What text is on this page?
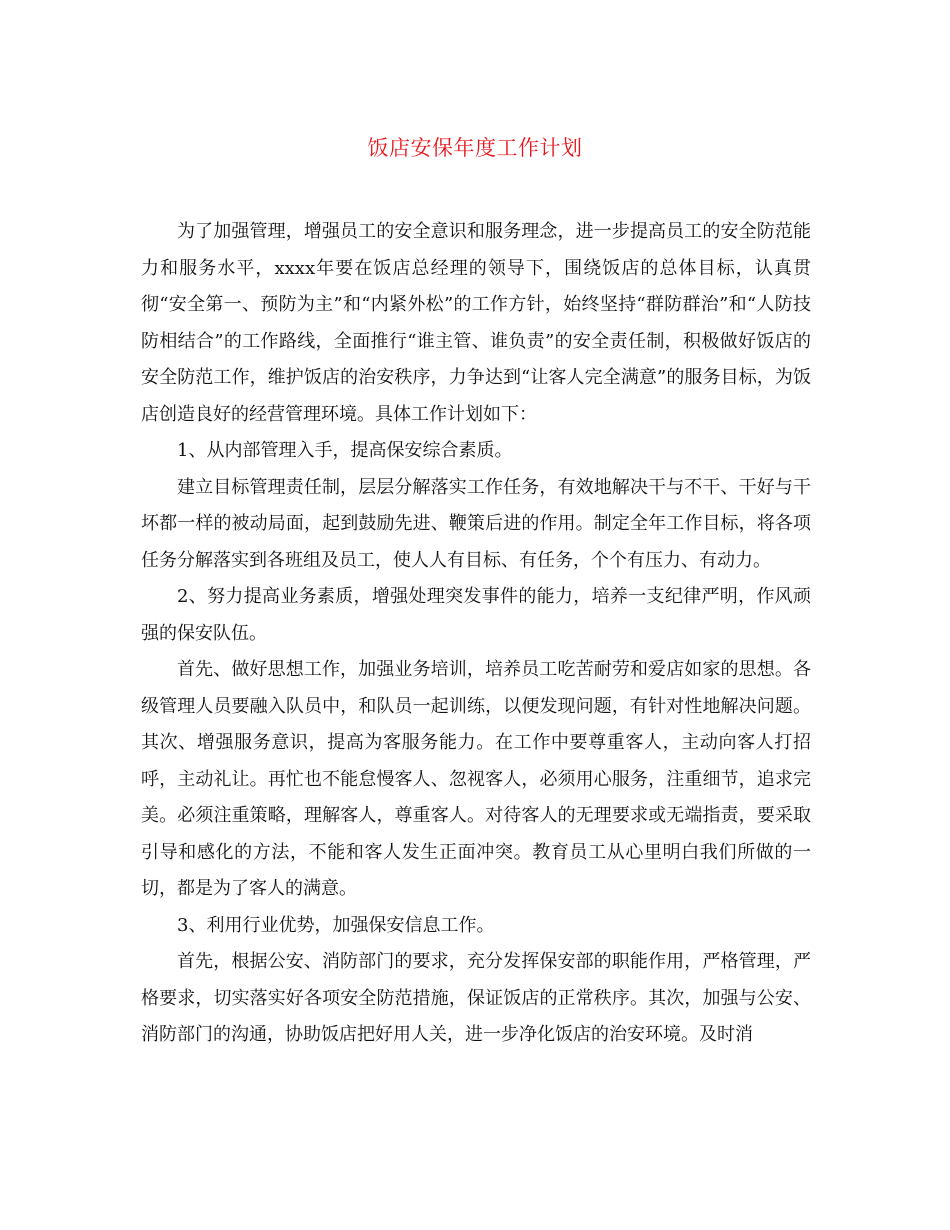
饭店安保年度工作计划

为了加强管理，增强员工的安全意识和服务理念，进一步提高员工的安全防范能力和服务水平，xxxx年要在饭店总经理的领导下，围绕饭店的总体目标，认真贯彻“安全第一、预防为主”和“内紧外松”的工作方针，始终坚持“群防群治”和“人防技防相结合”的工作路线，全面推行“谁主管、谁负责”的安全责任制，积极做好饭店的安全防范工作，维护饭店的治安秩序，力争达到“让客人完全满意”的服务目标，为饭店创造良好的经营管理环境。具体工作计划如下：

1、从内部管理入手，提高保安综合素质。

建立目标管理责任制，层层分解落实工作任务，有效地解决干与不干、干好与干坏都一样的被动局面，起到鼓励先进、鞭策后进的作用。制定全年工作目标，将各项任务分解落实到各班组及员工，使人人有目标、有任务，个个有压力、有动力。

2、努力提高业务素质，增强处理突发事件的能力，培养一支纪律严明，作风顽强的保安队伍。

首先、做好思想工作，加强业务培训，培养员工吃苦耐劳和爱店如家的思想。各级管理人员要融入队员中，和队员一起训练，以便发现问题，有针对性地解决问题。其次、增强服务意识，提高为客服务能力。在工作中要尊重客人，主动向客人打招呼，主动礼让。再忙也不能怠慢客人、忽视客人，必须用心服务，注重细节，追求完美。必须注重策略，理解客人，尊重客人。对待客人的无理要求或无端指责，要采取引导和感化的方法，不能和客人发生正面冲突。教育员工从心里明白我们所做的一切，都是为了客人的满意。

3、利用行业优势，加强保安信息工作。

首先，根据公安、消防部门的要求，充分发挥保安部的职能作用，严格管理，严格要求，切实落实好各项安全防范措施，保证饭店的正常秩序。其次，加强与公安、消防部门的沟通，协助饭店把好用人关，进一步净化饭店的治安环境。及时消
